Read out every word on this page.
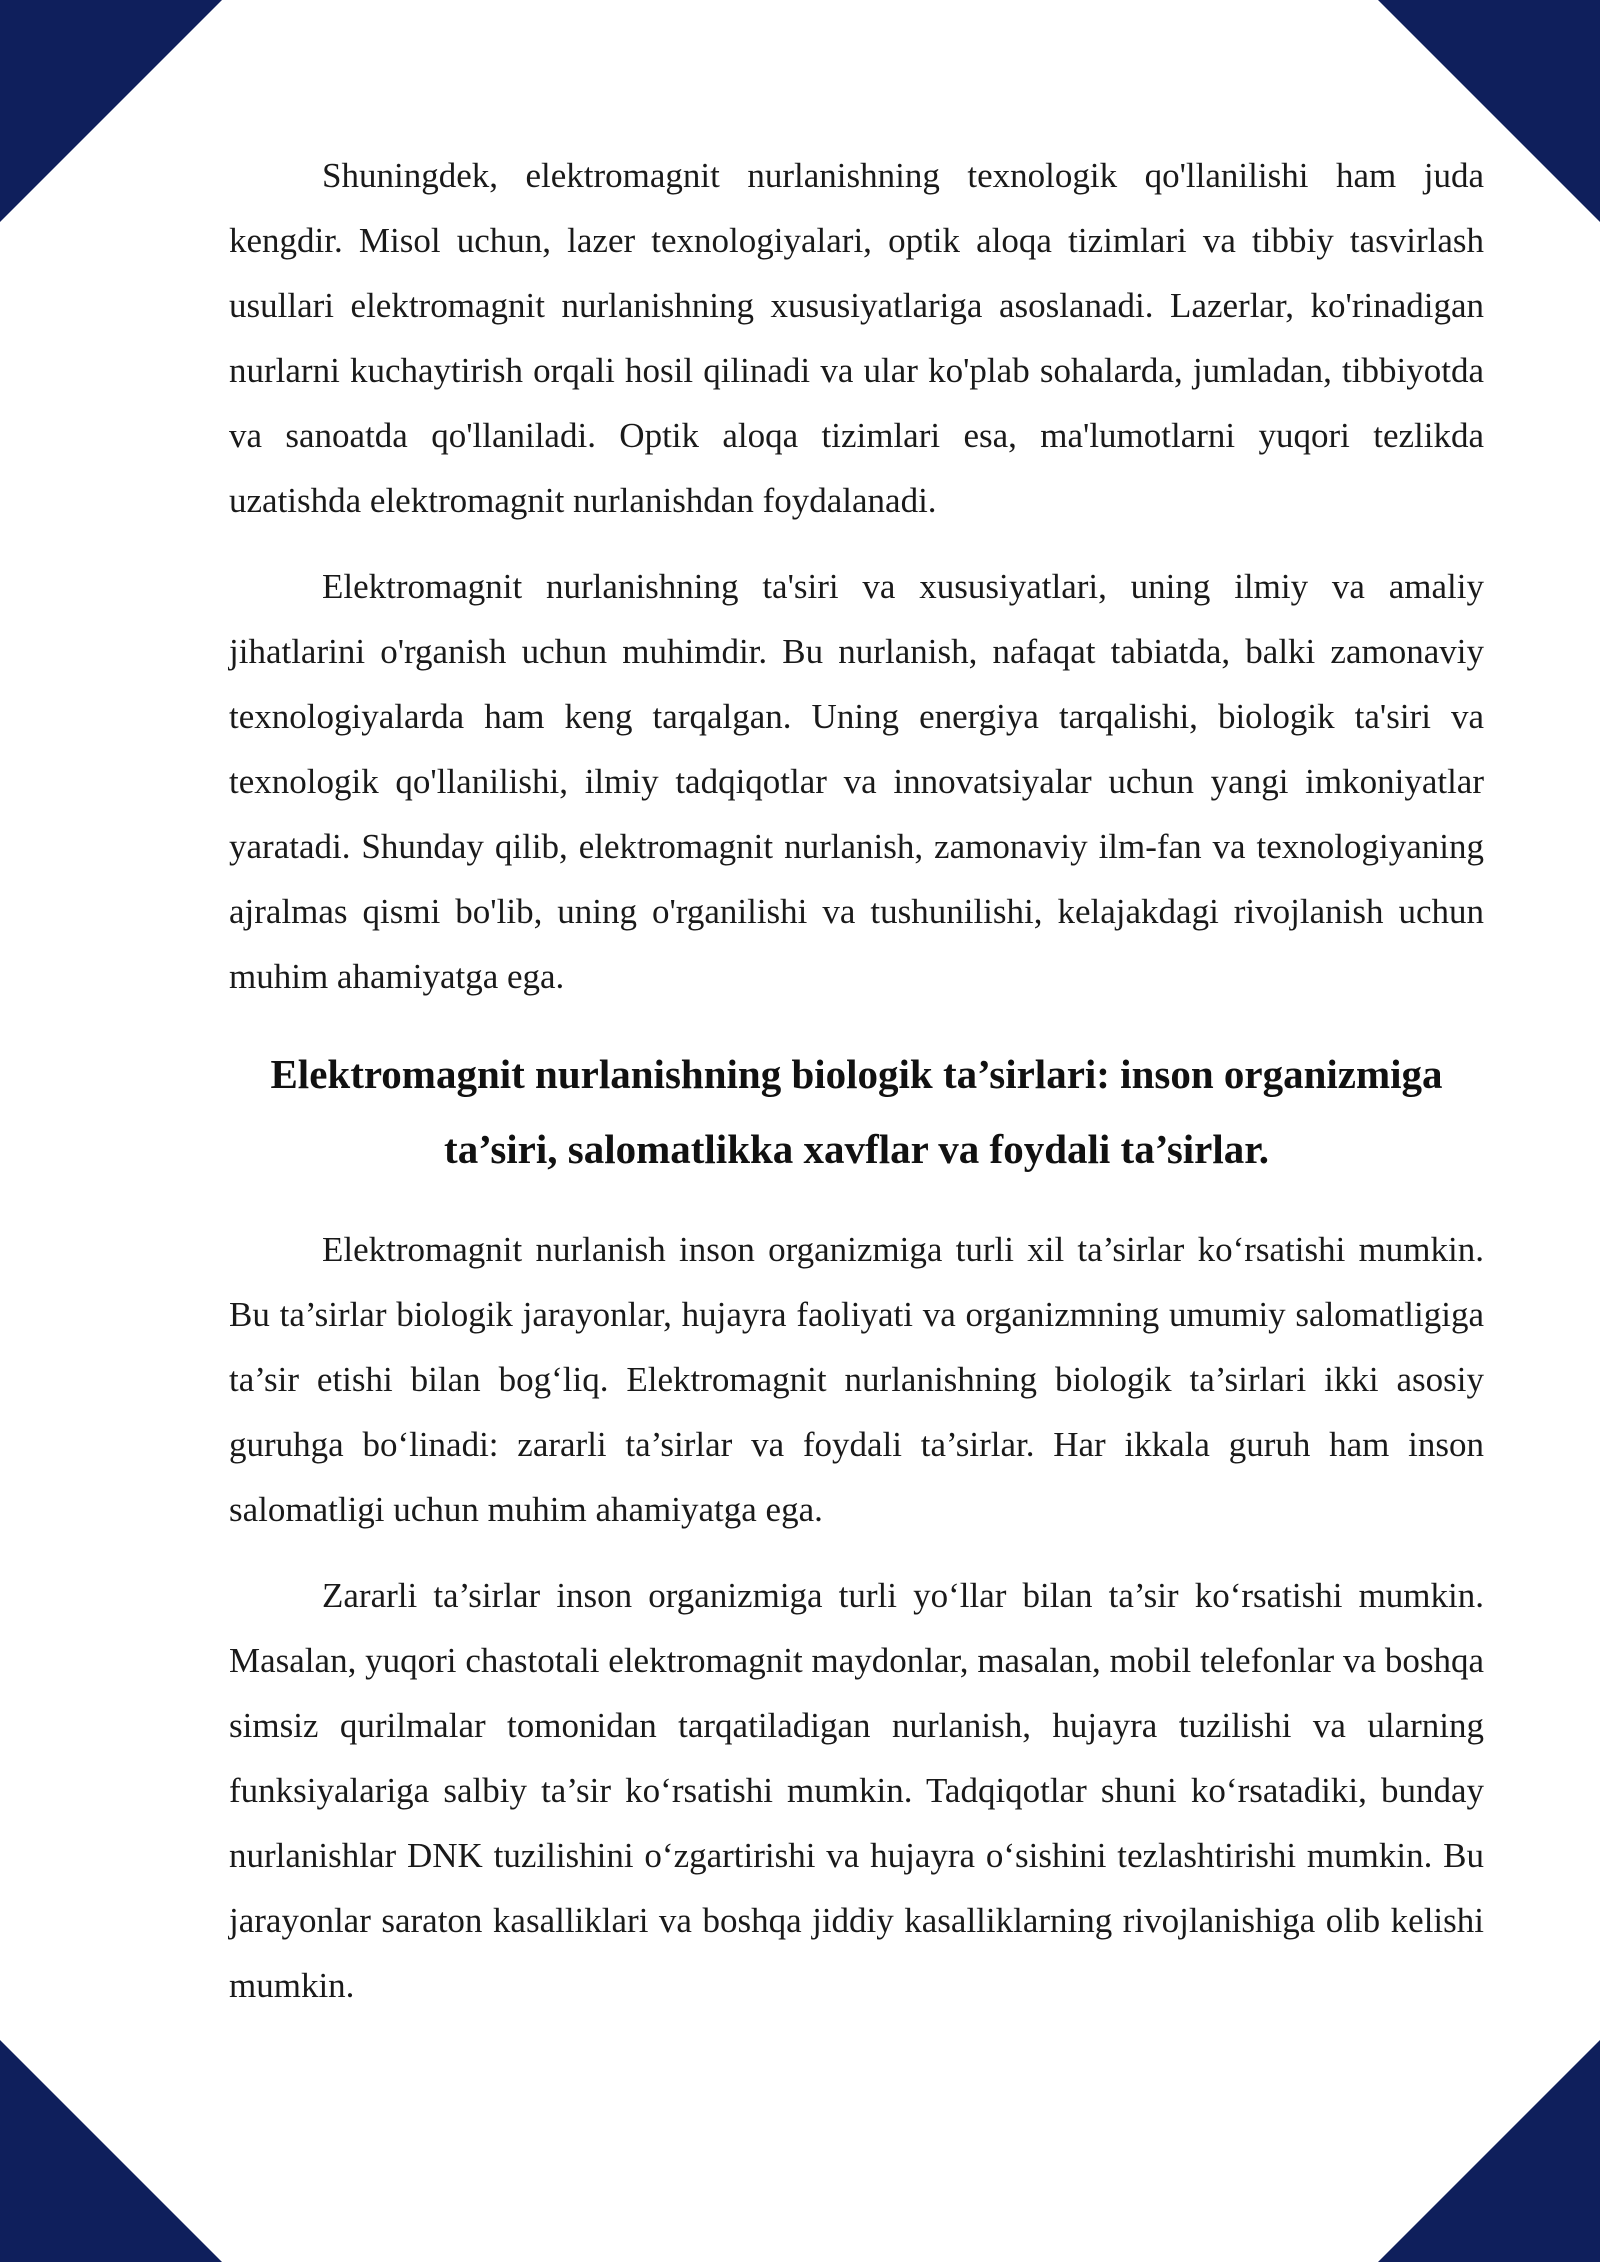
Shuningdek, elektromagnit nurlanishning texnologik qo'llanilishi ham juda kengdir. Misol uchun, lazer texnologiyalari, optik aloqa tizimlari va tibbiy tasvirlash usullari elektromagnit nurlanishning xususiyatlariga asoslanadi. Lazerlar, ko'rinadigan nurlarni kuchaytirish orqali hosil qilinadi va ular ko'plab sohalarda, jumladan, tibbiyotda va sanoatda qo'llaniladi. Optik aloqa tizimlari esa, ma'lumotlarni yuqori tezlikda uzatishda elektromagnit nurlanishdan foydalanadi.

Elektromagnit nurlanishning ta'siri va xususiyatlari, uning ilmiy va amaliy jihatlarini o'rganish uchun muhimdir. Bu nurlanish, nafaqat tabiatda, balki zamonaviy texnologiyalarda ham keng tarqalgan. Uning energiya tarqalishi, biologik ta'siri va texnologik qo'llanilishi, ilmiy tadqiqotlar va innovatsiyalar uchun yangi imkoniyatlar yaratadi. Shunday qilib, elektromagnit nurlanish, zamonaviy ilm-fan va texnologiyaning ajralmas qismi bo'lib, uning o'rganilishi va tushunilishi, kelajakdagi rivojlanish uchun muhim ahamiyatga ega.

Elektromagnit nurlanishning biologik ta’sirlari: inson organizmiga ta’siri, salomatlikka xavflar va foydali ta’sirlar.

Elektromagnit nurlanish inson organizmiga turli xil ta’sirlar ko‘rsatishi mumkin. Bu ta’sirlar biologik jarayonlar, hujayra faoliyati va organizmning umumiy salomatligiga ta’sir etishi bilan bog‘liq. Elektromagnit nurlanishning biologik ta’sirlari ikki asosiy guruhga bo‘linadi: zararli ta’sirlar va foydali ta’sirlar. Har ikkala guruh ham inson salomatligi uchun muhim ahamiyatga ega.

Zararli ta’sirlar inson organizmiga turli yo‘llar bilan ta’sir ko‘rsatishi mumkin. Masalan, yuqori chastotali elektromagnit maydonlar, masalan, mobil telefonlar va boshqa simsiz qurilmalar tomonidan tarqatiladigan nurlanish, hujayra tuzilishi va ularning funksiyalariga salbiy ta’sir ko‘rsatishi mumkin. Tadqiqotlar shuni ko‘rsatadiki, bunday nurlanishlar DNK tuzilishini o‘zgartirishi va hujayra o‘sishini tezlashtirishi mumkin. Bu jarayonlar saraton kasalliklari va boshqa jiddiy kasalliklarning rivojlanishiga olib kelishi mumkin.
